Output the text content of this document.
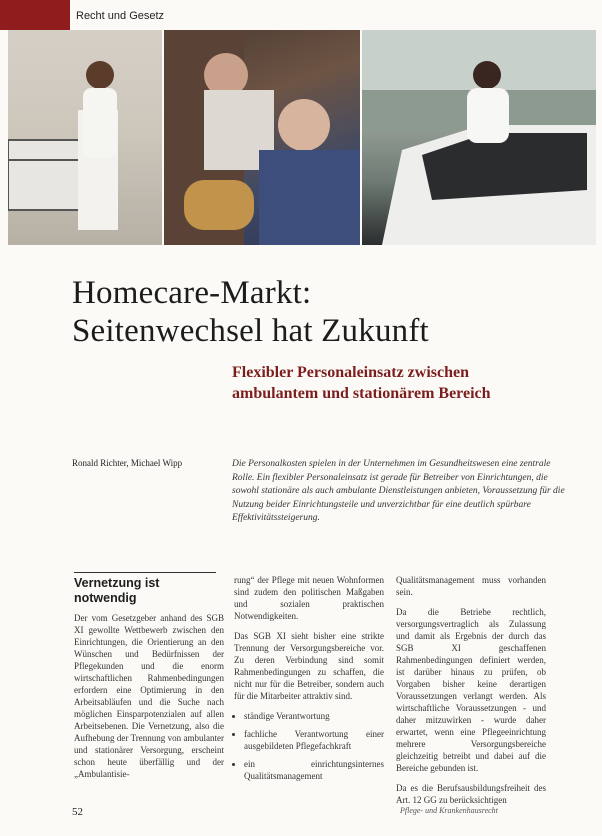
Recht und Gesetz
Homecare-Markt:
Seitenwechsel hat Zukunft
Flexibler Personaleinsatz zwischen
ambulantem und stationärem Bereich
Ronald Richter, Michael Wipp	Die Personalkosten spielen in der Unternehmen im Gesundheitswesen eine zentrale Rolle. Ein flexibler Personaleinsatz ist gerade für Betreiber von Einrichtungen, die sowohl stationäre als auch ambulante Dienstleistungen anbieten, Voraussetzung für die Nutzung beider Einrichtungsteile und unverzichtbar für eine deutlich spürbare Effektivitätssteigerung.
Vernetzung ist notwendig

Der vom Gesetzgeber anhand des SGB XI gewollte Wettbewerb zwischen den Einrichtungen, die Orientierung an den Wünschen und Bedürfnissen der Pflegekunden und die enorm wirtschaftlichen Rahmenbedingungen erfordern eine Optimierung in den Arbeitsabläufen und die Suche nach möglichen Einsparpotenzialen auf allen Arbeitsebenen. Die Vernetzung, also die Aufhebung der Trennung von ambulanter und stationärer Versorgung, erscheint schon heute überfällig und der „Ambulantisie-

rung“ der Pflege mit neuen Wohnformen sind zudem den politischen Maßgaben und sozialen praktischen Notwendigkeiten.

Das SGB XI sieht bisher eine strikte Trennung der Versorgungsbereiche vor. Zu deren Verbindung sind somit Rahmenbedingungen zu schaffen, die nicht nur für die Betreiber, sondern auch für die Mitarbeiter attraktiv sind.

• ständige Verantwortung
• fachliche Verantwortung einer ausgebildeten Pflegefachkraft
• ein einrichtungsinternes Qualitätsmanagement

Qualitätsmanagement muss vorhanden sein.

Da die Betriebe rechtlich, versorgungsvertraglich als Zulassung und damit als Ergebnis der durch das SGB XI geschaffenen Rahmenbedingungen definiert werden, ist darüber hinaus zu prüfen, ob Vorgaben bisher keine derartigen Voraussetzungen verlangt werden. Als wirtschaftliche Voraussetzungen - und daher mitzuwirken - wurde daher erwartet, wenn eine Pflegeeinrichtung mehrere Versorgungsbereiche gleichzeitig betreibt und dabei auf die Bereiche gebunden ist.

Da es die Berufsausbildungsfreiheit des Art. 12 GG zu berücksichtigen

52	Pflege- und Krankenhausrecht
